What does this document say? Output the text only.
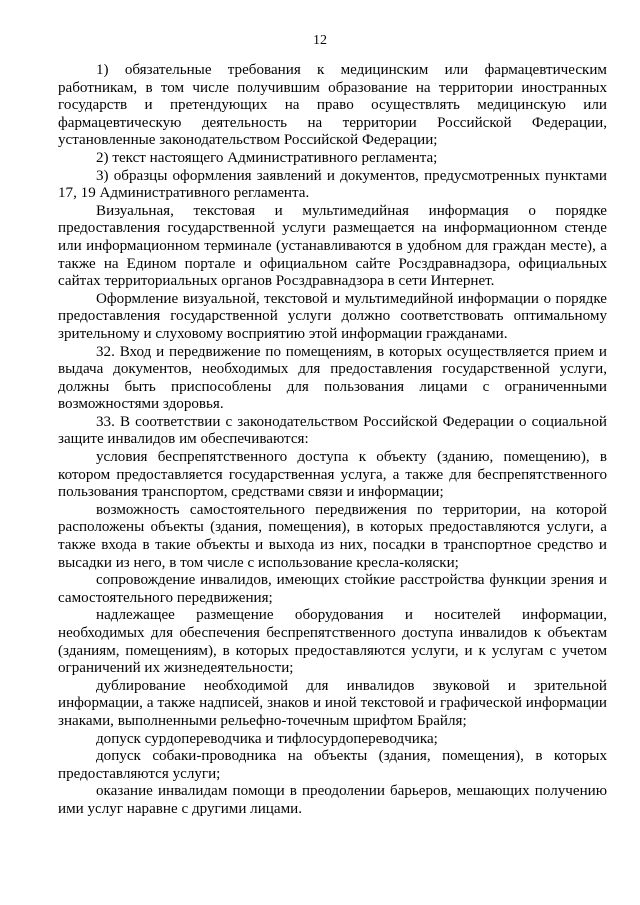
12

1) обязательные требования к медицинским или фармацевтическим работникам, в том числе получившим образование на территории иностранных государств и претендующих на право осуществлять медицинскую или фармацевтическую деятельность на территории Российской Федерации, установленные законодательством Российской Федерации;

2) текст настоящего Административного регламента;

3) образцы оформления заявлений и документов, предусмотренных пунктами 17, 19 Административного регламента.

Визуальная, текстовая и мультимедийная информация о порядке предоставления государственной услуги размещается на информационном стенде или информационном терминале (устанавливаются в удобном для граждан месте), а также на Едином портале и официальном сайте Росздравнадзора, официальных сайтах территориальных органов Росздравнадзора в сети Интернет.

Оформление визуальной, текстовой и мультимедийной информации о порядке предоставления государственной услуги должно соответствовать оптимальному зрительному и слуховому восприятию этой информации гражданами.

32. Вход и передвижение по помещениям, в которых осуществляется прием и выдача документов, необходимых для предоставления государственной услуги, должны быть приспособлены для пользования лицами с ограниченными возможностями здоровья.

33. В соответствии с законодательством Российской Федерации о социальной защите инвалидов им обеспечиваются:

условия беспрепятственного доступа к объекту (зданию, помещению), в котором предоставляется государственная услуга, а также для беспрепятственного пользования транспортом, средствами связи и информации;

возможность самостоятельного передвижения по территории, на которой расположены объекты (здания, помещения), в которых предоставляются услуги, а также входа в такие объекты и выхода из них, посадки в транспортное средство и высадки из него, в том числе с использование кресла-коляски;

сопровождение инвалидов, имеющих стойкие расстройства функции зрения и самостоятельного передвижения;

надлежащее размещение оборудования и носителей информации, необходимых для обеспечения беспрепятственного доступа инвалидов к объектам (зданиям, помещениям), в которых предоставляются услуги, и к услугам с учетом ограничений их жизнедеятельности;

дублирование необходимой для инвалидов звуковой и зрительной информации, а также надписей, знаков и иной текстовой и графической информации знаками, выполненными рельефно-точечным шрифтом Брайля;

допуск сурдопереводчика и тифлосурдопереводчика;

допуск собаки-проводника на объекты (здания, помещения), в которых предоставляются услуги;

оказание инвалидам помощи в преодолении барьеров, мешающих получению ими услуг наравне с другими лицами.
